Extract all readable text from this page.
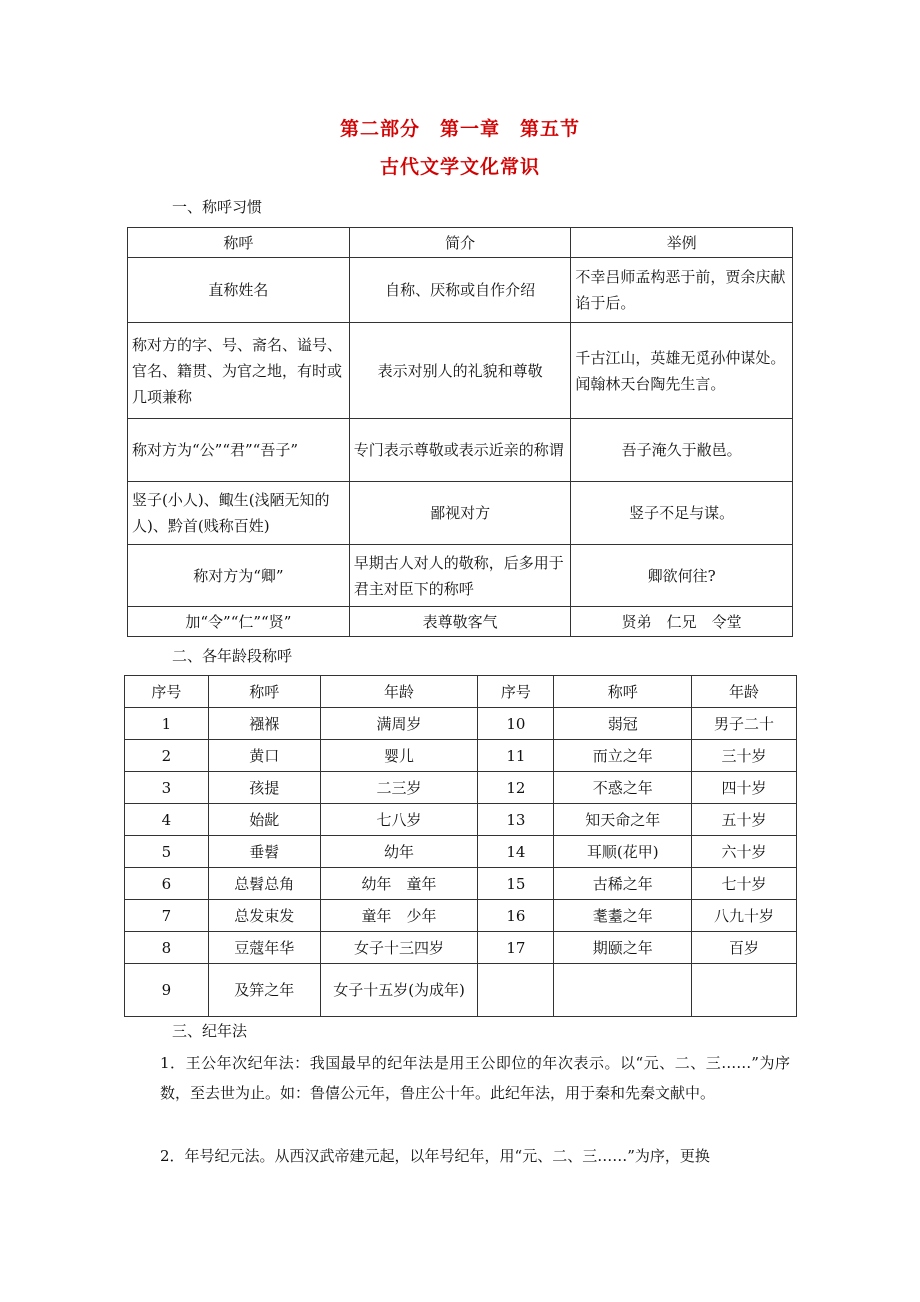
第二部分　第一章　第五节
古代文学文化常识
一、称呼习惯
称呼	简介	举例
直称姓名	自称、厌称或自作介绍	不幸吕师孟构恶于前，贾余庆献谄于后。
称对方的字、号、斋名、谥号、官名、籍贯、为官之地，有时或几项兼称	表示对别人的礼貌和尊敬	千古江山，英雄无觅孙仲谋处。闻翰林天台陶先生言。
称对方为“公”“君”“吾子”	专门表示尊敬或表示近亲的称谓	吾子淹久于敝邑。
竖子(小人)、鲰生(浅陋无知的人)、黔首(贱称百姓)	鄙视对方	竖子不足与谋。
称对方为“卿”	早期古人对人的敬称，后多用于君主对臣下的称呼	卿欲何往?
加“令”“仁”“贤”	表尊敬客气	贤弟　仁兄　令堂
二、各年龄段称呼
序号	称呼	年龄	序号	称呼	年龄
1	襁褓	满周岁	10	弱冠	男子二十
2	黄口	婴儿	11	而立之年	三十岁
3	孩提	二三岁	12	不惑之年	四十岁
4	始龀	七八岁	13	知天命之年	五十岁
5	垂髫	幼年	14	耳顺(花甲)	六十岁
6	总髫总角	幼年　童年	15	古稀之年	七十岁
7	总发束发	童年　少年	16	耄耋之年	八九十岁
8	豆蔻年华	女子十三四岁	17	期颐之年	百岁
9	及笄之年	女子十五岁(为成年)			
三、纪年法
1．王公年次纪年法：我国最早的纪年法是用王公即位的年次表示。以“元、二、三……”为序数，至去世为止。如：鲁僖公元年，鲁庄公十年。此纪年法，用于秦和先秦文献中。
2．年号纪元法。从西汉武帝建元起，以年号纪年，用“元、二、三……”为序，更换
